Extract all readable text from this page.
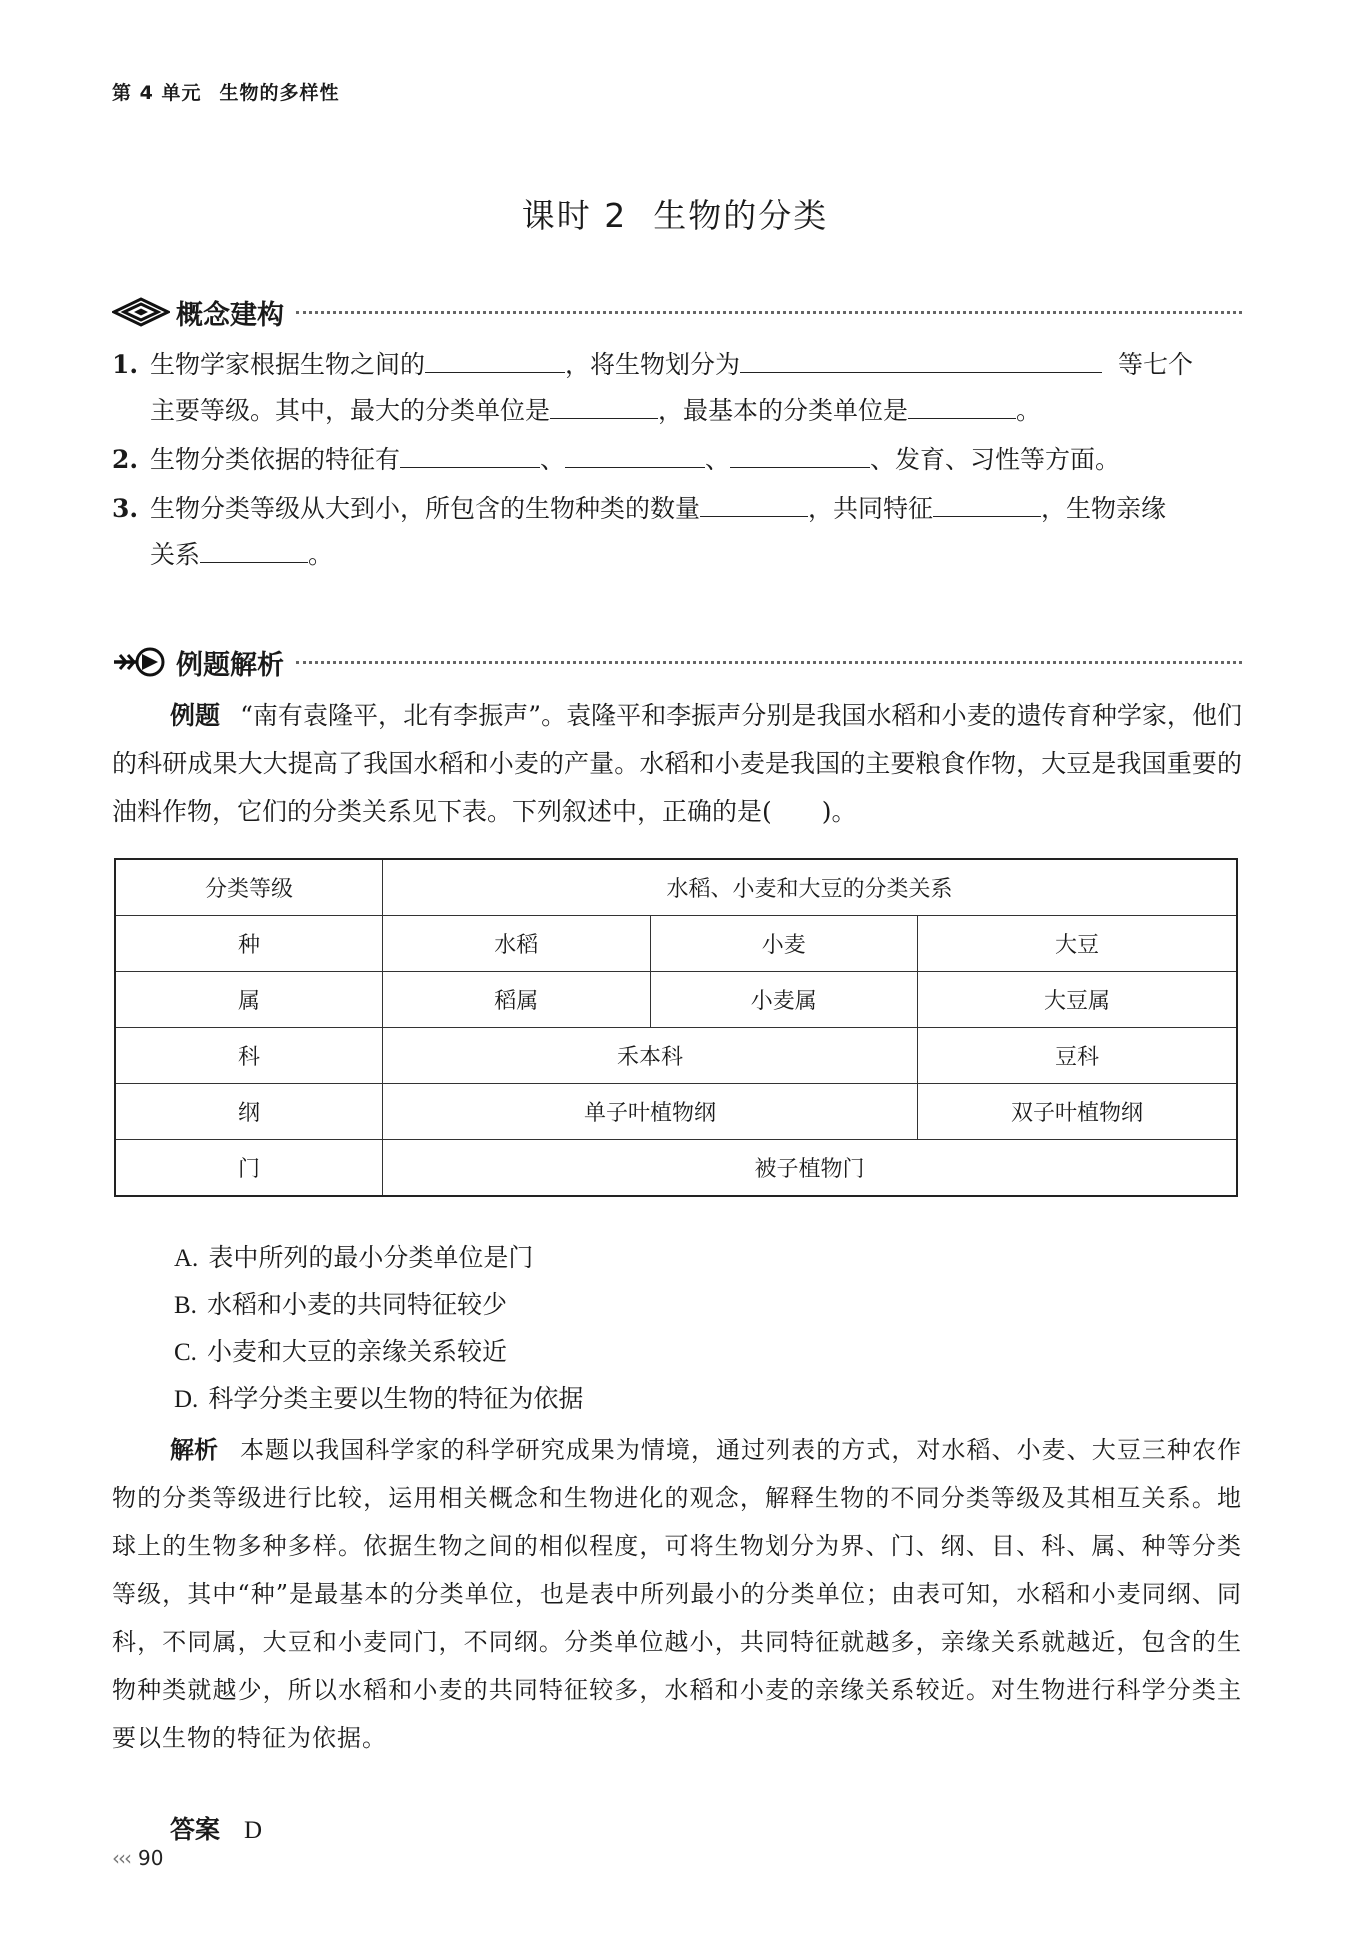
第 4 单元 生物的多样性
课时 2 生物的分类
概念建构
1. 生物学家根据生物之间的	，将生物划分为	等七个
主要等级。其中，最大的分类单位是	，最基本的分类单位是	。
2. 生物分类依据的特征有	、	、	、发育、习性等方面。
3. 生物分类等级从大到小，所包含的生物种类的数量	，共同特征	，生物亲缘
关系	。
例题解析
例题 “南有袁隆平，北有李振声”。袁隆平和李振声分别是我国水稻和小麦的遗传育种学家，他们的科研成果大大提高了我国水稻和小麦的产量。水稻和小麦是我国的主要粮食作物，大豆是我国重要的油料作物，它们的分类关系见下表。下列叙述中，正确的是(　　)。
分类等级	水稻、小麦和大豆的分类关系		
种	水稻	小麦	大豆
属	稻属	小麦属	大豆属
科	禾本科		豆科
纲	单子叶植物纲		双子叶植物纲
门	被子植物门		
A. 表中所列的最小分类单位是门
B. 水稻和小麦的共同特征较少
C. 小麦和大豆的亲缘关系较近
D. 科学分类主要以生物的特征为依据
解析 本题以我国科学家的科学研究成果为情境，通过列表的方式，对水稻、小麦、大豆三种农作物的分类等级进行比较，运用相关概念和生物进化的观念，解释生物的不同分类等级及其相互关系。地球上的生物多种多样。依据生物之间的相似程度，可将生物划分为界、门、纲、目、科、属、种等分类等级，其中“种”是最基本的分类单位，也是表中所列最小的分类单位；由表可知，水稻和小麦同纲、同科，不同属，大豆和小麦同门，不同纲。分类单位越小，共同特征就越多，亲缘关系就越近，包含的生物种类就越少，所以水稻和小麦的共同特征较多，水稻和小麦的亲缘关系较近。对生物进行科学分类主要以生物的特征为依据。
答案 D
‹‹‹ 90
